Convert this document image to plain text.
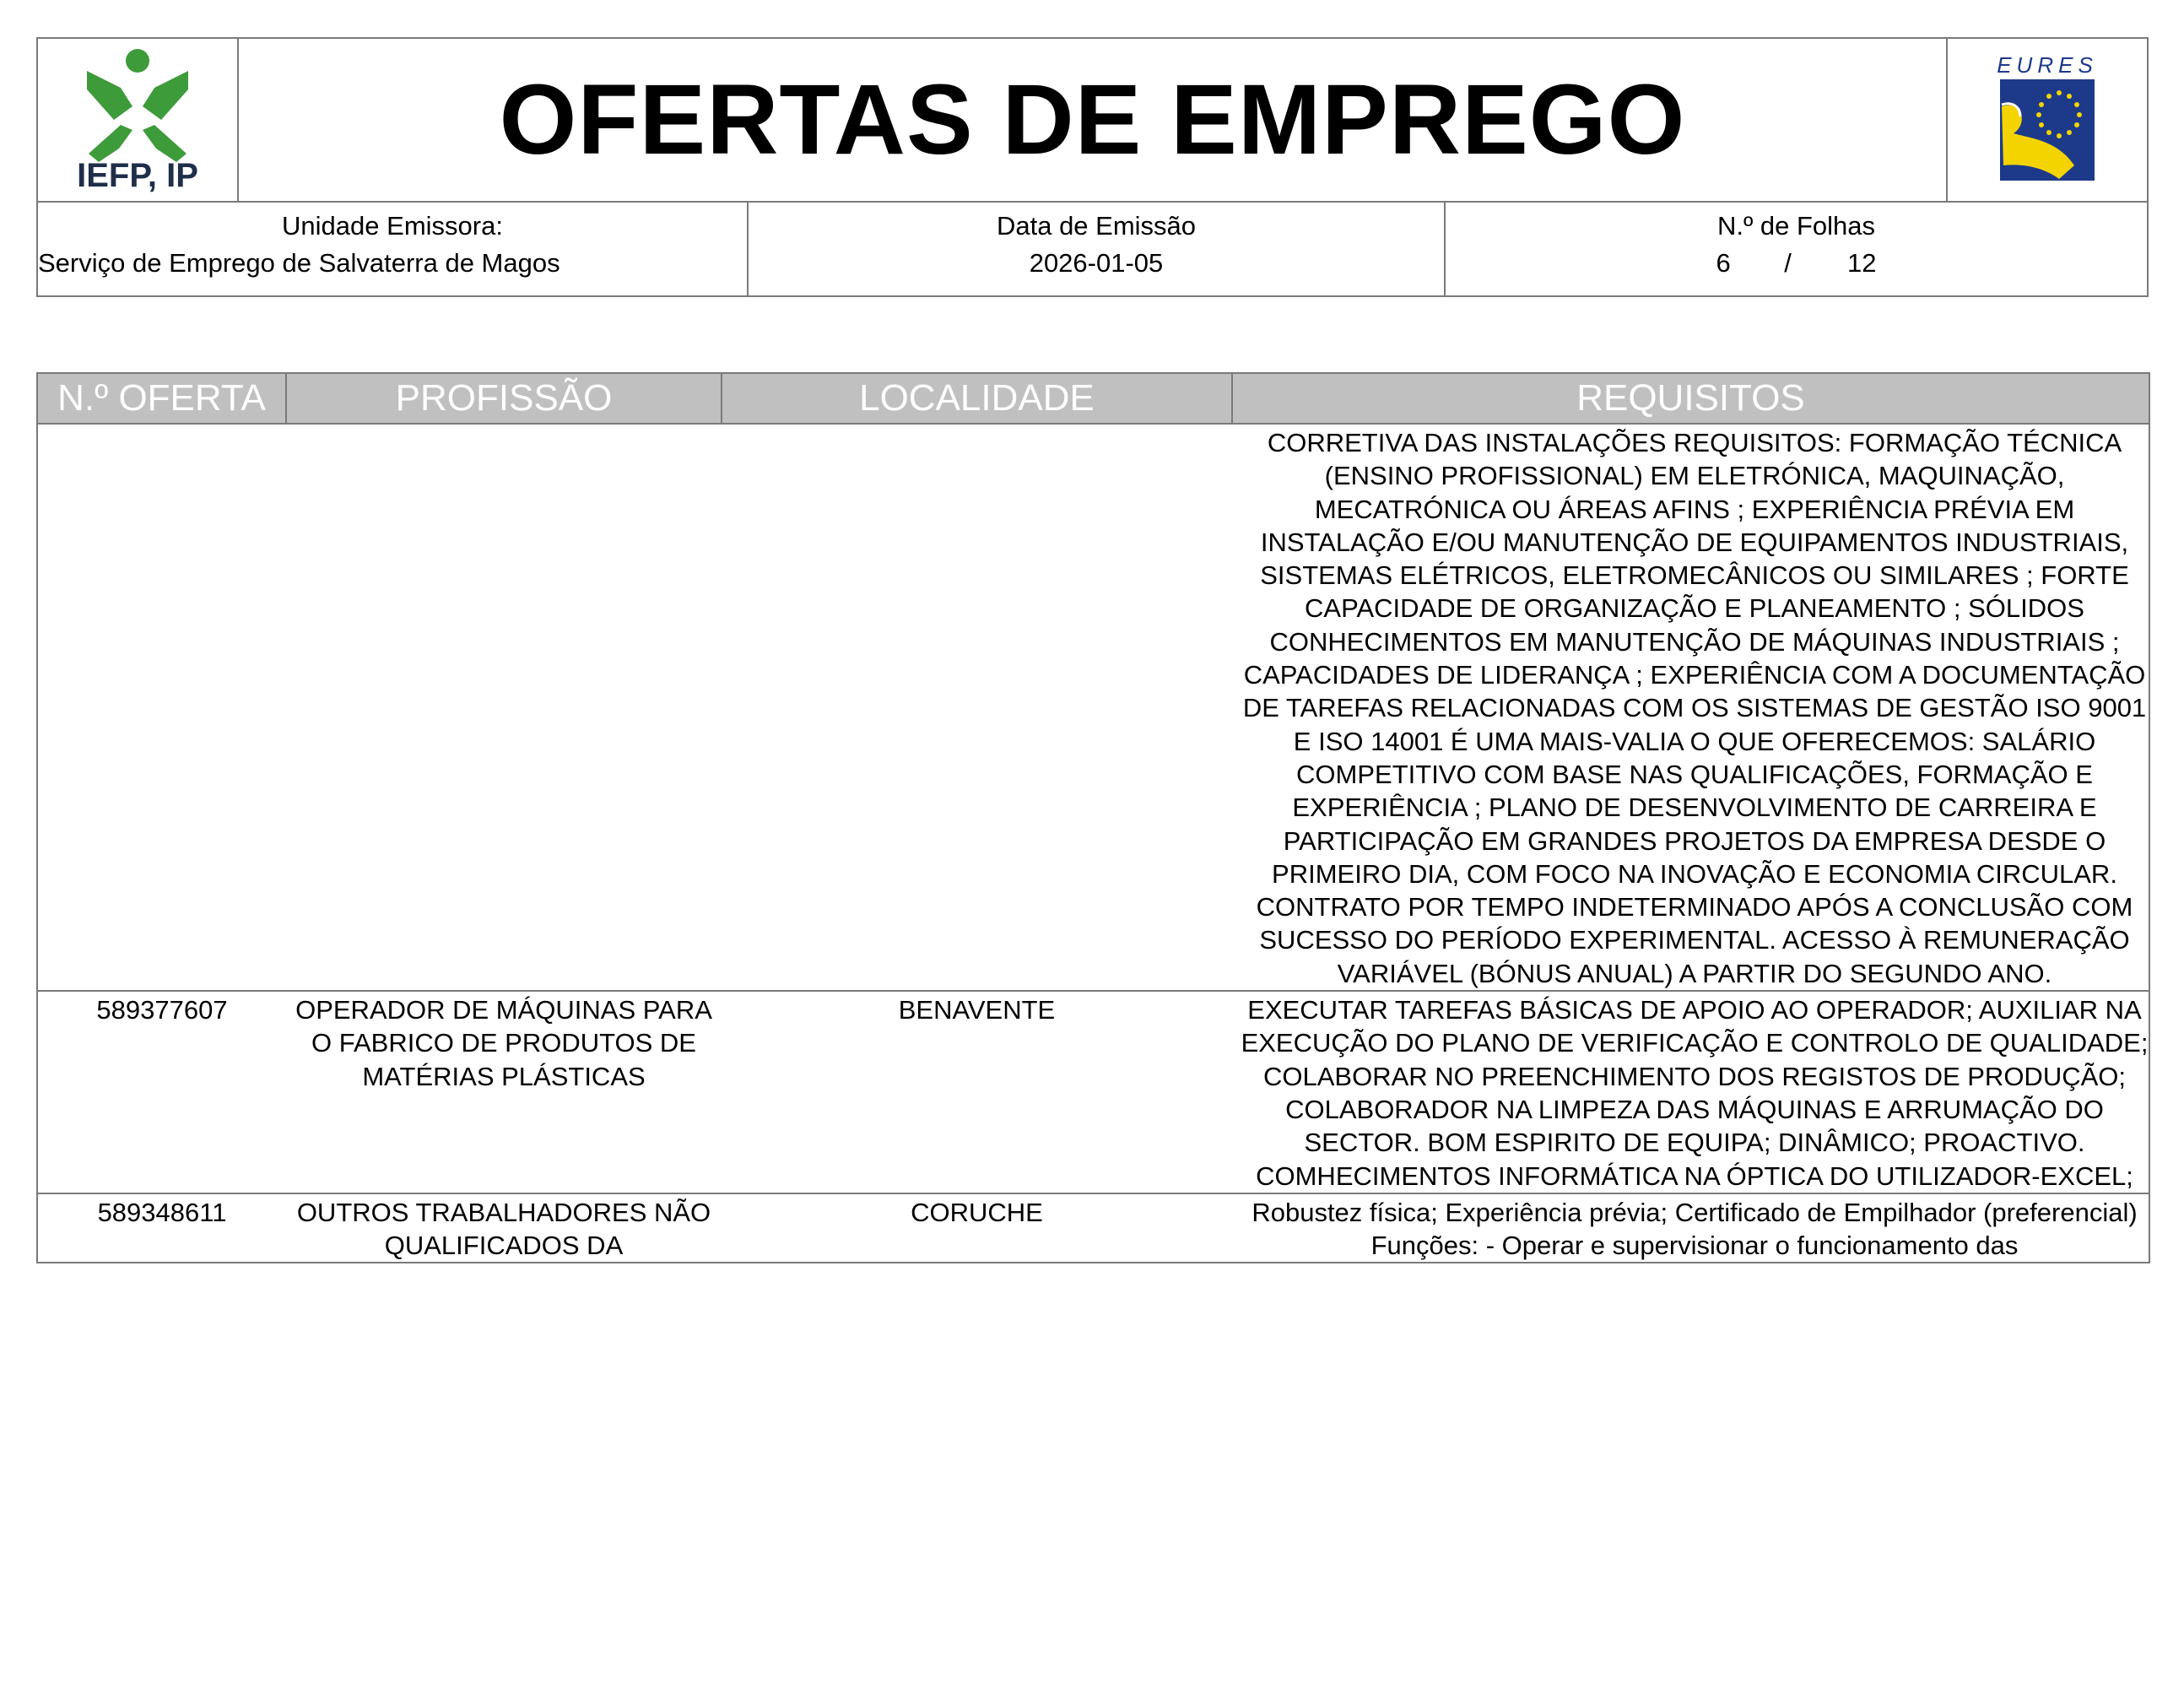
IEFP, IP	OFERTAS DE EMPREGO	EURES
Unidade Emissora:
Serviço de Emprego de Salvaterra de Magos
Data de Emissão
2026-01-05
N.º de Folhas
6	/	12
N.º OFERTA	PROFISSÃO	LOCALIDADE	REQUISITOS
			CORRETIVA DAS INSTALAÇÕES REQUISITOS: FORMAÇÃO TÉCNICA (ENSINO PROFISSIONAL) EM ELETRÓNICA, MAQUINAÇÃO, MECATRÓNICA OU ÁREAS AFINS ; EXPERIÊNCIA PRÉVIA EM INSTALAÇÃO E/OU MANUTENÇÃO DE EQUIPAMENTOS INDUSTRIAIS, SISTEMAS ELÉTRICOS, ELETROMECÂNICOS OU SIMILARES ; FORTE CAPACIDADE DE ORGANIZAÇÃO E PLANEAMENTO ; SÓLIDOS CONHECIMENTOS EM MANUTENÇÃO DE MÁQUINAS INDUSTRIAIS ; CAPACIDADES DE LIDERANÇA ; EXPERIÊNCIA COM A DOCUMENTAÇÃO DE TAREFAS RELACIONADAS COM OS SISTEMAS DE GESTÃO ISO 9001 E ISO 14001 É UMA MAIS-VALIA O QUE OFERECEMOS: SALÁRIO COMPETITIVO COM BASE NAS QUALIFICAÇÕES, FORMAÇÃO E EXPERIÊNCIA ; PLANO DE DESENVOLVIMENTO DE CARREIRA E PARTICIPAÇÃO EM GRANDES PROJETOS DA EMPRESA DESDE O PRIMEIRO DIA, COM FOCO NA INOVAÇÃO E ECONOMIA CIRCULAR. CONTRATO POR TEMPO INDETERMINADO APÓS A CONCLUSÃO COM SUCESSO DO PERÍODO EXPERIMENTAL. ACESSO À REMUNERAÇÃO VARIÁVEL (BÓNUS ANUAL) A PARTIR DO SEGUNDO ANO.
589377607	OPERADOR DE MÁQUINAS PARA O FABRICO DE PRODUTOS DE MATÉRIAS PLÁSTICAS	BENAVENTE	EXECUTAR TAREFAS BÁSICAS DE APOIO AO OPERADOR; AUXILIAR NA EXECUÇÃO DO PLANO DE VERIFICAÇÃO E CONTROLO DE QUALIDADE; COLABORAR NO PREENCHIMENTO DOS REGISTOS DE PRODUÇÃO; COLABORADOR NA LIMPEZA DAS MÁQUINAS E ARRUMAÇÃO DO SECTOR. BOM ESPIRITO DE EQUIPA; DINÂMICO; PROACTIVO. COMHECIMENTOS INFORMÁTICA NA ÓPTICA DO UTILIZADOR-EXCEL;
589348611	OUTROS TRABALHADORES NÃO QUALIFICADOS DA	CORUCHE	Robustez física; Experiência prévia; Certificado de Empilhador (preferencial) Funções: - Operar e supervisionar o funcionamento das
